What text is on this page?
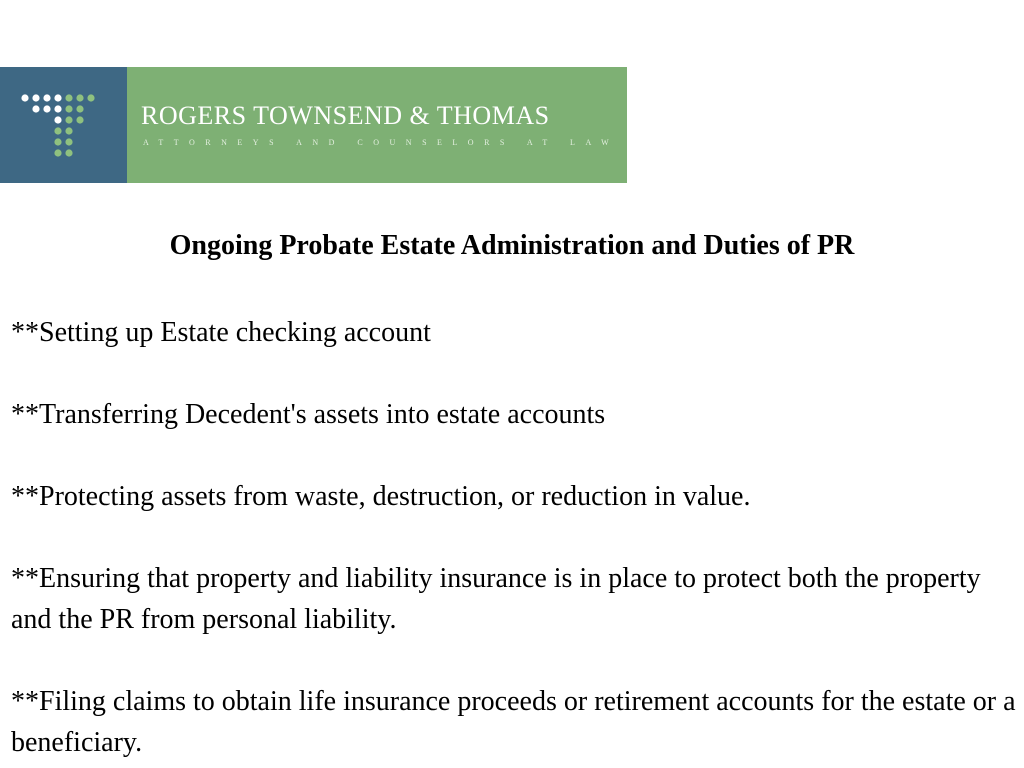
ROGERS TOWNSEND & THOMAS
ATTORNEYS AND COUNSELORS AT LAW
Ongoing Probate Estate Administration and Duties of PR
**Setting up Estate checking account
**Transferring Decedent's assets into estate accounts
**Protecting assets from waste, destruction, or reduction in value.
**Ensuring that property and liability insurance is in place to protect both the property and the PR from personal liability.
**Filing claims to obtain life insurance proceeds or retirement accounts for the estate or a beneficiary.
